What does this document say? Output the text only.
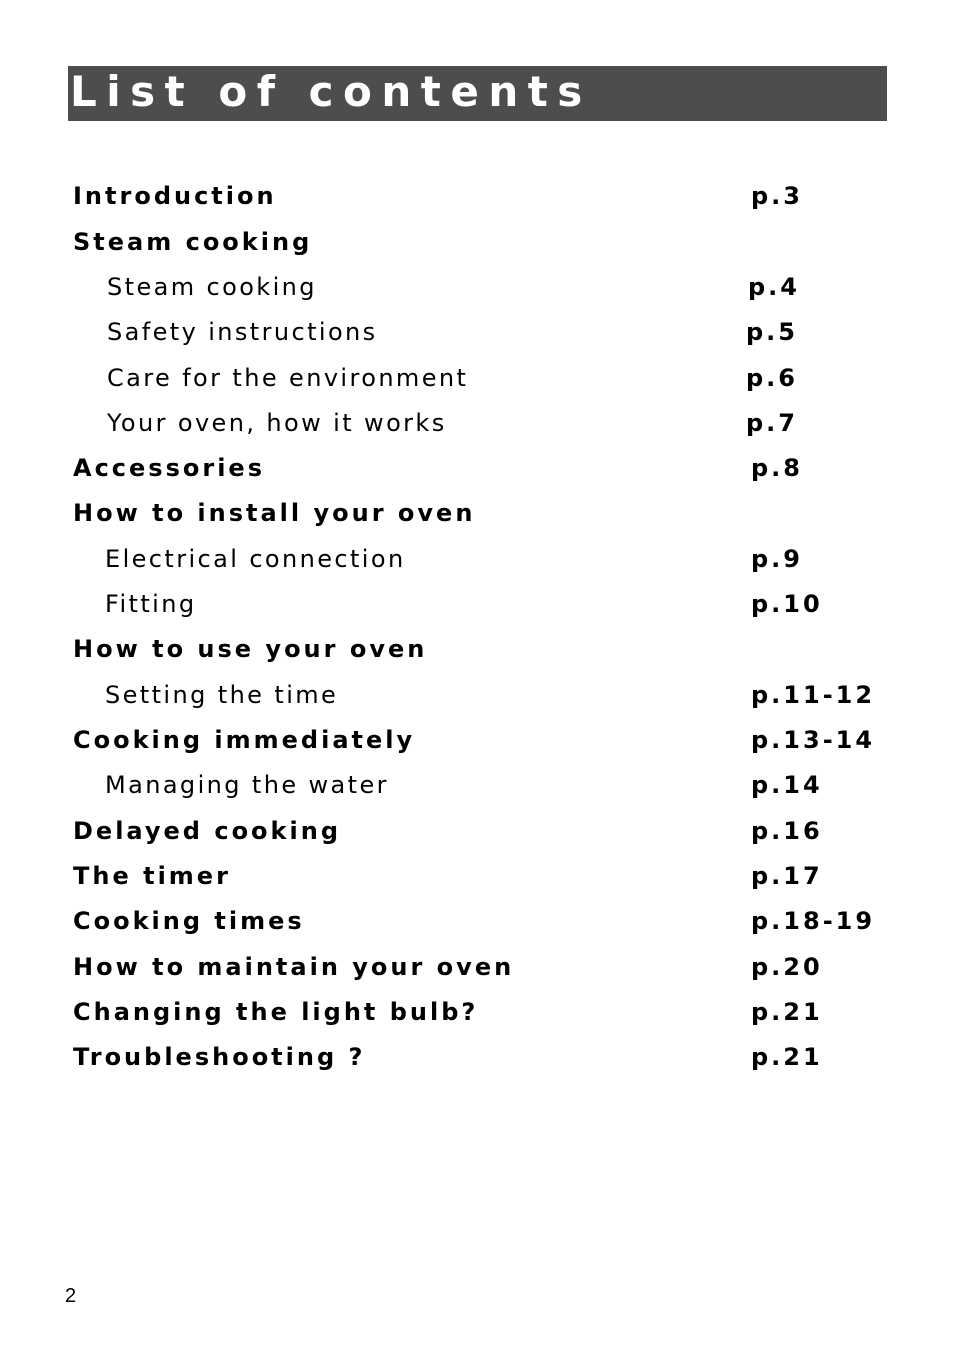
List of contents
Introduction	p.3
Steam cooking
Steam cooking	p.4
Safety instructions	p.5
Care for the environment	p.6
Your oven, how it works	p.7
Accessories	p.8
How to install your oven
Electrical connection	p.9
Fitting	p.10
How to use your oven
Setting the time	p.11-12
Cooking immediately	p.13-14
Managing the water	p.14
Delayed cooking	p.16
The timer	p.17
Cooking times	p.18-19
How to maintain your oven	p.20
Changing the light bulb?	p.21
Troubleshooting ?	p.21
2
